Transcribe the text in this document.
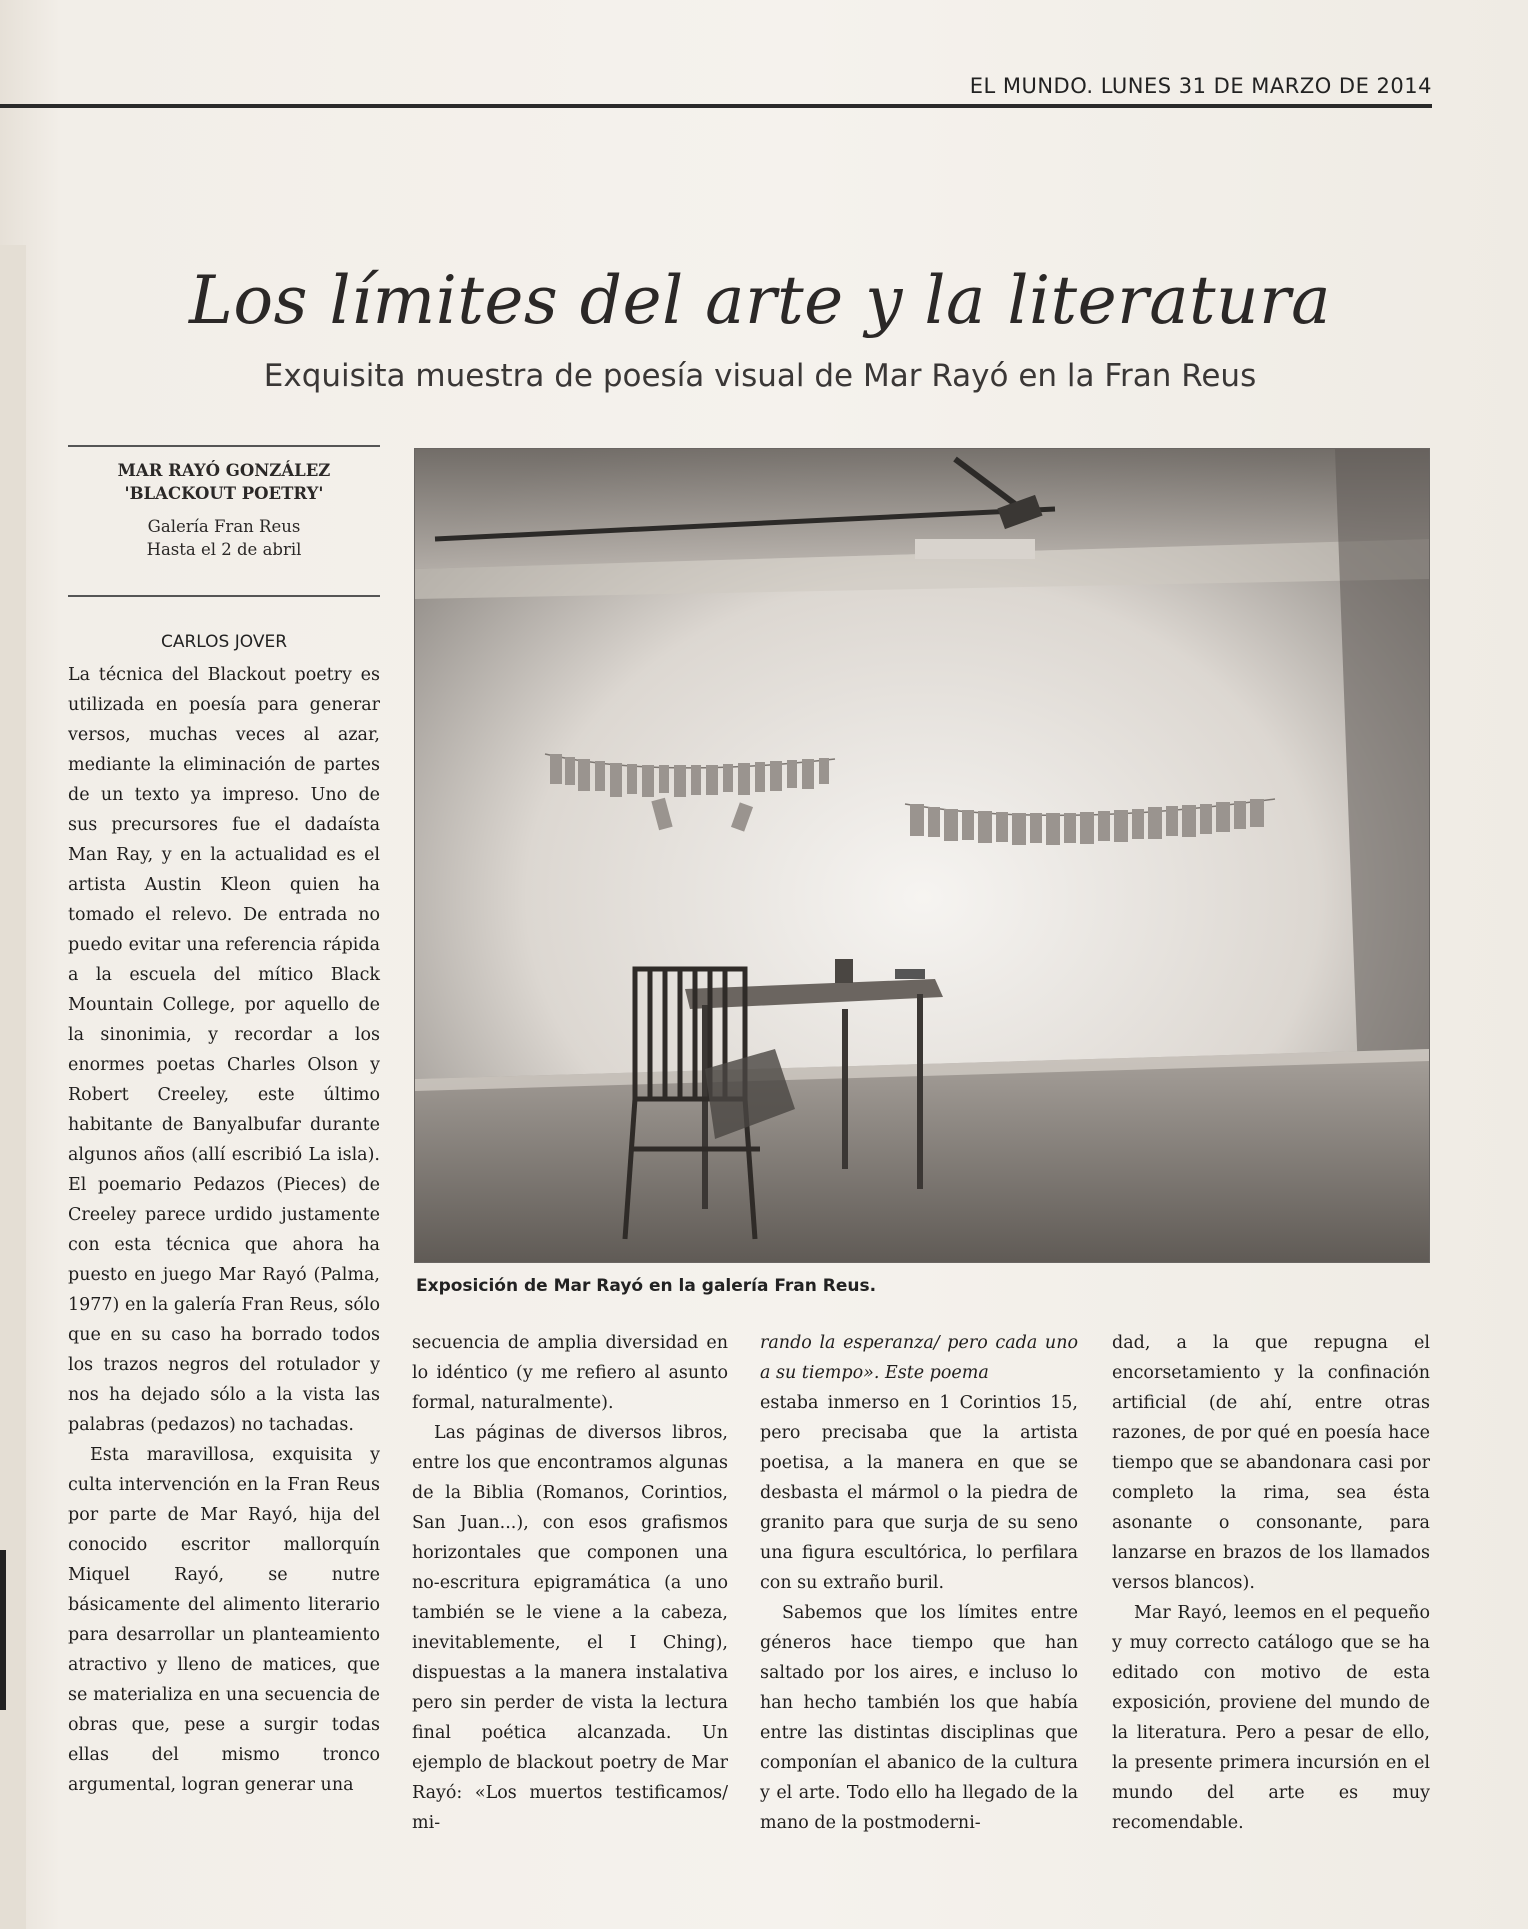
EL MUNDO. LUNES 31 DE MARZO DE 2014
Los límites del arte y la literatura
Exquisita muestra de poesía visual de Mar Rayó en la Fran Reus
MAR RAYÓ GONZÁLEZ
'BLACKOUT POETRY'
Galería Fran Reus
Hasta el 2 de abril
CARLOS JOVER

La técnica del Blackout poetry es utilizada en poesía para generar versos, muchas veces al azar, mediante la eliminación de partes de un texto ya impreso. Uno de sus precursores fue el dadaísta Man Ray, y en la actualidad es el artista Austin Kleon quien ha tomado el relevo. De entrada no puedo evitar una referencia rápida a la escuela del mítico Black Mountain College, por aquello de la sinonimia, y recordar a los enormes poetas Charles Olson y Robert Creeley, este último habitante de Banyalbufar durante algunos años (allí escribió La isla). El poemario Pedazos (Pieces) de Creeley parece urdido justamente con esta técnica que ahora ha puesto en juego Mar Rayó (Palma, 1977) en la galería Fran Reus, sólo que en su caso ha borrado todos los trazos negros del rotulador y nos ha dejado sólo a la vista las palabras (pedazos) no tachadas.

Esta maravillosa, exquisita y culta intervención en la Fran Reus por parte de Mar Rayó, hija del conocido escritor mallorquín Miquel Rayó, se nutre básicamente del alimento literario para desarrollar un planteamiento atractivo y lleno de matices, que se materializa en una secuencia de obras que, pese a surgir todas ellas del mismo tronco argumental, logran generar una

Exposición de Mar Rayó en la galería Fran Reus.

secuencia de amplia diversidad en lo idéntico (y me refiero al asunto formal, naturalmente).

Las páginas de diversos libros, entre los que encontramos algunas de la Biblia (Romanos, Corintios, San Juan...), con esos grafismos horizontales que componen una no-escritura epigramática (a uno también se le viene a la cabeza, inevitablemente, el I Ching), dispuestas a la manera instalativa pero sin perder de vista la lectura final poética alcanzada. Un ejemplo de blackout poetry de Mar Rayó: «Los muertos testificamos/ mi-

rando la esperanza/ pero cada uno a su tiempo». Este poema

estaba inmerso en 1 Corintios 15, pero precisaba que la artista poetisa, a la manera en que se desbasta el mármol o la piedra de granito para que surja de su seno una figura escultórica, lo perfilara con su extraño buril.

Sabemos que los límites entre géneros hace tiempo que han saltado por los aires, e incluso lo han hecho también los que había entre las distintas disciplinas que componían el abanico de la cultura y el arte. Todo ello ha llegado de la mano de la postmoderni-

dad, a la que repugna el encorsetamiento y la confinación artificial (de ahí, entre otras razones, de por qué en poesía hace tiempo que se abandonara casi por completo la rima, sea ésta asonante o consonante, para lanzarse en brazos de los llamados versos blancos).

Mar Rayó, leemos en el pequeño y muy correcto catálogo que se ha editado con motivo de esta exposición, proviene del mundo de la literatura. Pero a pesar de ello, la presente primera incursión en el mundo del arte es muy recomendable.
